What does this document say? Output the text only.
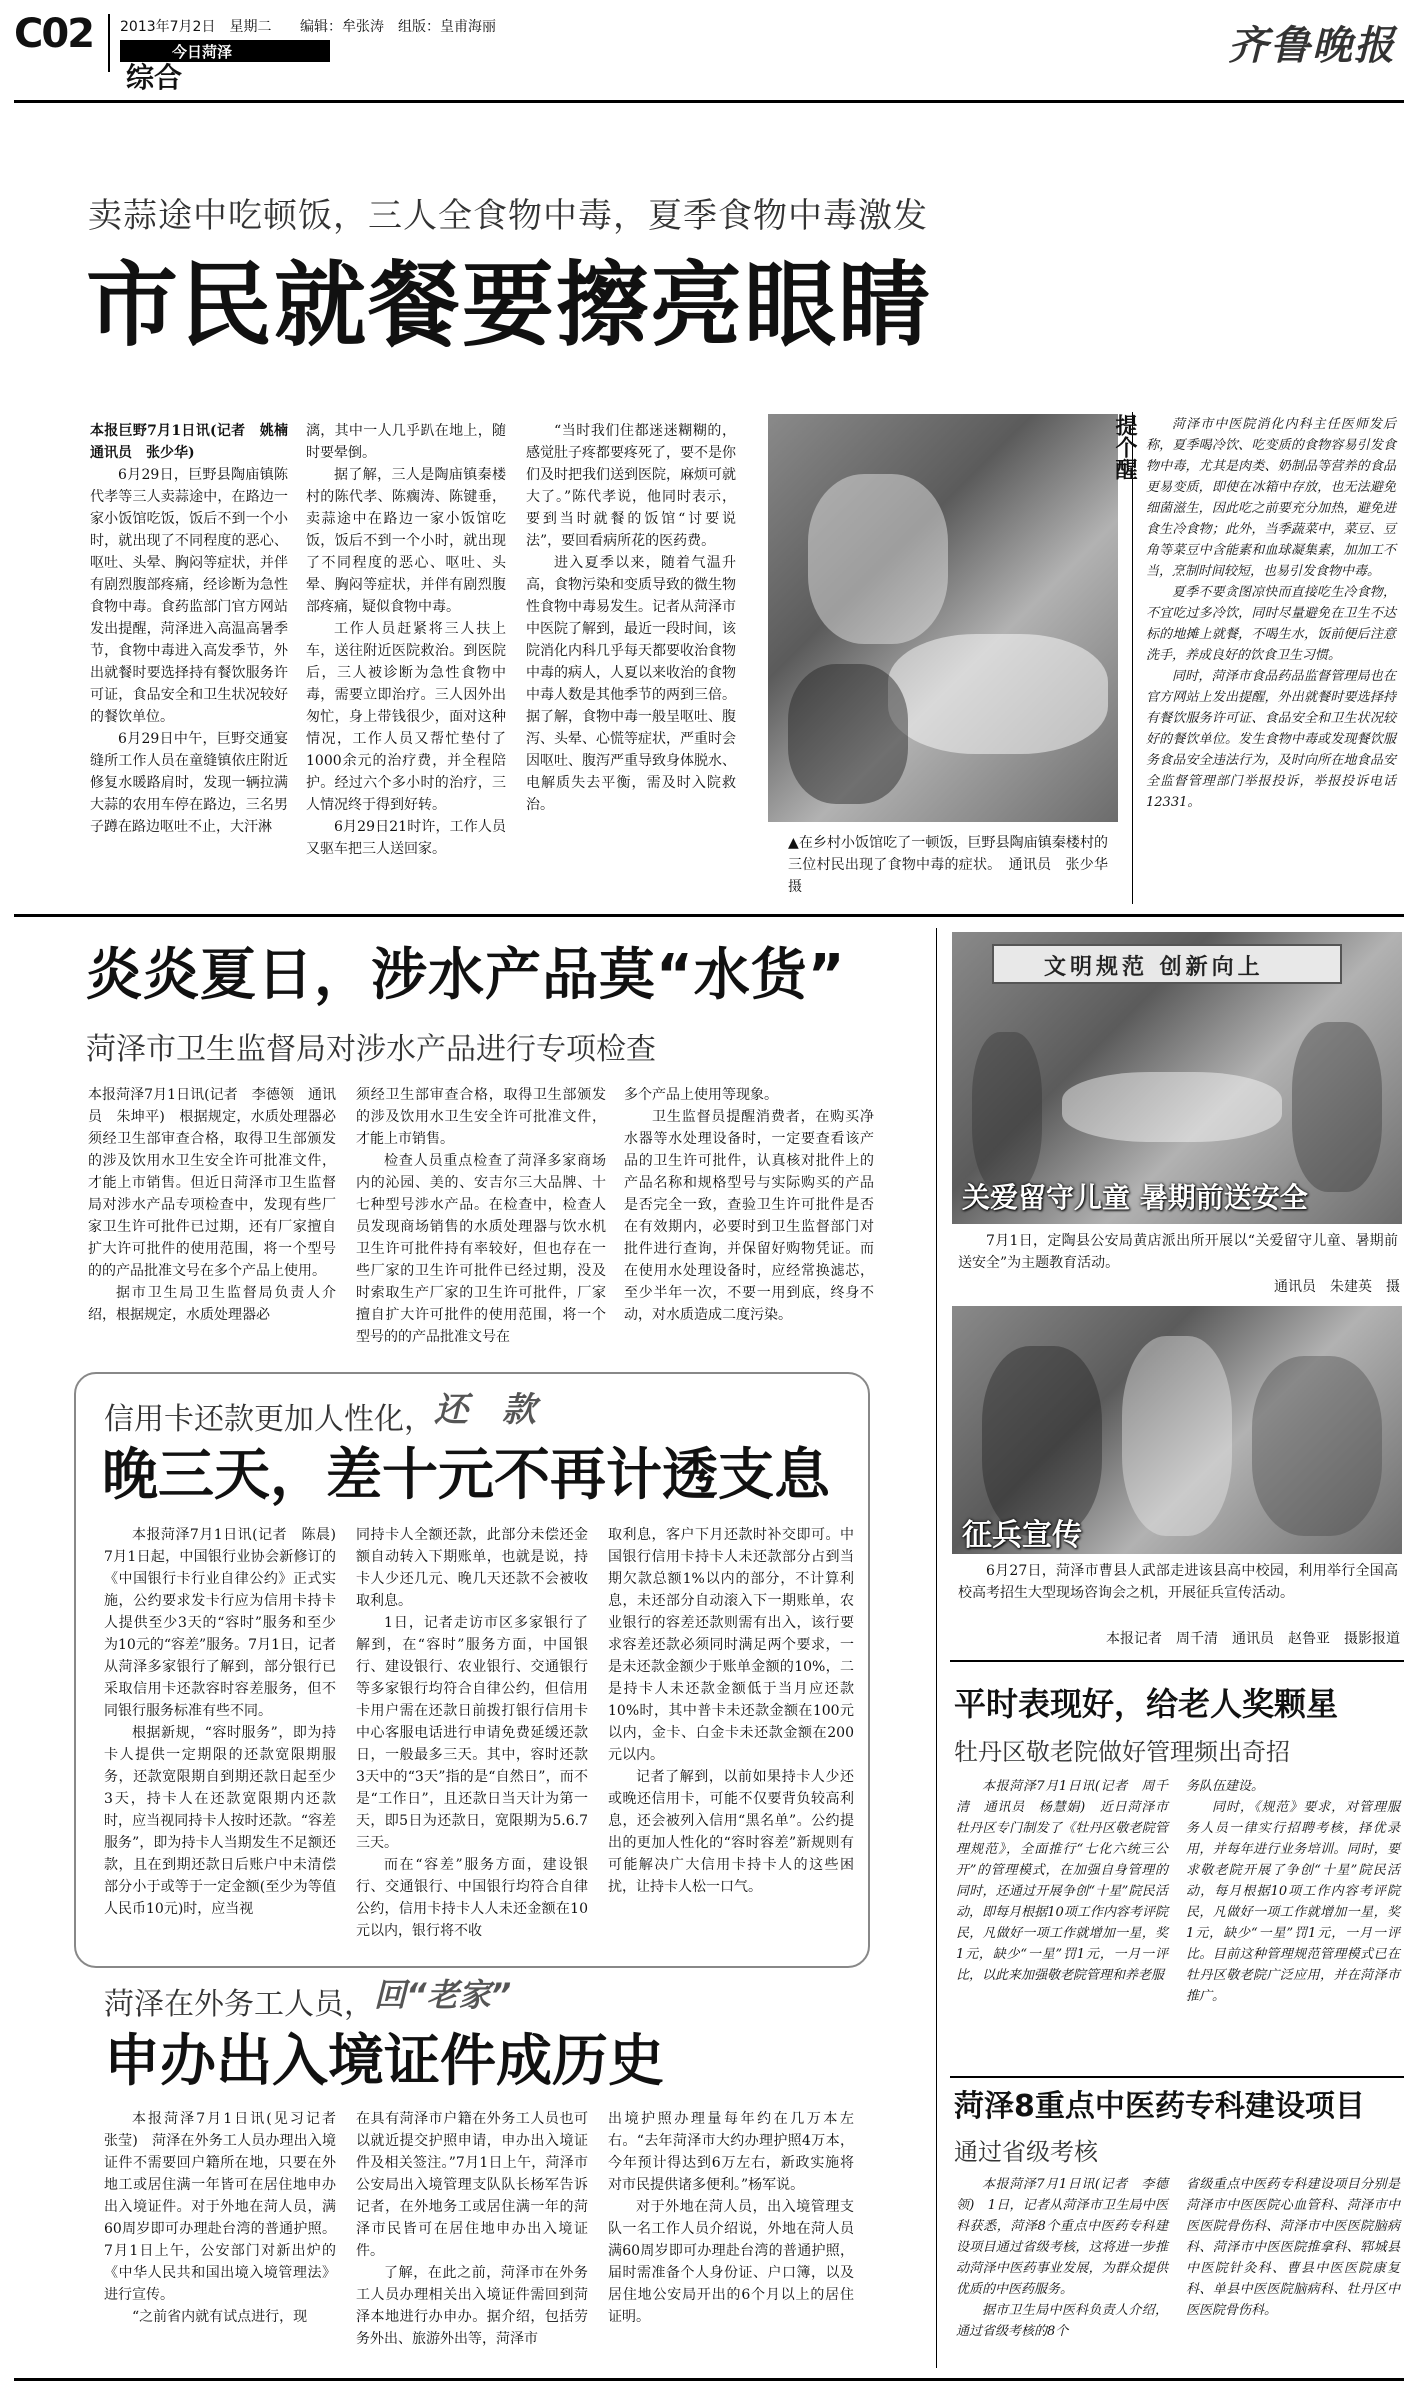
C02 2013年7月2日　星期二 编辑：牟张涛　组版：皇甫海丽
今日菏泽
综合
齐鲁晚报
卖蒜途中吃顿饭，三人全食物中毒，夏季食物中毒激发
市民就餐要擦亮眼睛

本报巨野7月1日讯(记者　姚楠　通讯员　张少华)

6月29日，巨野县陶庙镇陈代孝等三人卖蒜途中，在路边一家小饭馆吃饭，饭后不到一个小时，就出现了不同程度的恶心、呕吐、头晕、胸闷等症状，并伴有剧烈腹部疼痛，经诊断为急性食物中毒。食药监部门官方网站发出提醒，菏泽进入高温高暑季节，食物中毒进入高发季节，外出就餐时要选择持有餐饮服务许可证，食品安全和卫生状况较好的餐饮单位。

6月29日中午，巨野交通宴缝所工作人员在童缝镇依庄附近修复水暖路肩时，发现一辆拉满大蒜的农用车停在路边，三名男子蹲在路边呕吐不止，大汗淋

漓，其中一人几乎趴在地上，随时要晕倒。

据了解，三人是陶庙镇秦楼村的陈代孝、陈瘸涛、陈键垂，卖蒜途中在路边一家小饭馆吃饭，饭后不到一个小时，就出现了不同程度的恶心、呕吐、头晕、胸闷等症状，并伴有剧烈腹部疼痛，疑似食物中毒。

工作人员赶紧将三人扶上车，送往附近医院救治。到医院后，三人被诊断为急性食物中毒，需要立即治疗。三人因外出匆忙，身上带钱很少，面对这种情况，工作人员又帮忙垫付了1000余元的治疗费，并全程陪护。经过六个多小时的治疗，三人情况终于得到好转。

6月29日21时许，工作人员又驱车把三人送回家。

“当时我们住都迷迷糊糊的，感觉肚子疼都要疼死了，要不是你们及时把我们送到医院，麻烦可就大了。”陈代孝说，他同时表示，要到当时就餐的饭馆“讨要说法”，要回看病所花的医药费。

进入夏季以来，随着气温升高，食物污染和变质导致的微生物性食物中毒易发生。记者从菏泽市中医院了解到，最近一段时间，该院消化内科几乎每天都要收治食物中毒的病人，人夏以来收治的食物中毒人数是其他季节的两到三倍。据了解，食物中毒一般呈呕吐、腹泻、头晕、心慌等症状，严重时会因呕吐、腹泻严重导致身体脱水、电解质失去平衡，需及时入院救治。

▲在乡村小饭馆吃了一顿饭，巨野县陶庙镇秦楼村的三位村民出现了食物中毒的症状。　通讯员　张少华　摄
提个醒	菏泽市中医院消化内科主任医师发后称，夏季喝冷饮、吃变质的食物容易引发食物中毒，尤其是肉类、奶制品等营养的食品更易变质，即使在冰箱中存放，也无法避免细菌滋生，因此吃之前要充分加热，避免进食生冷食物；此外，当季蔬菜中，菜豆、豆角等菜豆中含能素和血球凝集素，加加工不当，烹制时间较短，也易引发食物中毒。

夏季不要贪图凉快而直接吃生冷食物，不宜吃过多冷饮，同时尽量避免在卫生不达标的地摊上就餐，不喝生水，饭前便后注意洗手，养成良好的饮食卫生习惯。

同时，菏泽市食品药品监督管理局也在官方网站上发出提醒，外出就餐时要选择持有餐饮服务许可证、食品安全和卫生状况较好的餐饮单位。发生食物中毒或发现餐饮服务食品安全违法行为，及时向所在地食品安全监督管理部门举报投诉，举报投诉电话12331。

炎炎夏日，涉水产品莫“水货”
菏泽市卫生监督局对涉水产品进行专项检查

本报菏泽7月1日讯(记者　李德领　通讯员　朱坤平)　根据规定，水质处理器必须经卫生部审查合格，取得卫生部颁发的涉及饮用水卫生安全许可批准文件，才能上市销售。但近日菏泽市卫生监督局对涉水产品专项检查中，发现有些厂家卫生许可批件已过期，还有厂家擅自扩大许可批件的使用范围，将一个型号的的产品批准文号在多个产品上使用。

据市卫生局卫生监督局负责人介绍，根据规定，水质处理器必

须经卫生部审查合格，取得卫生部颁发的涉及饮用水卫生安全许可批准文件，才能上市销售。

检查人员重点检查了菏泽多家商场内的沁园、美的、安吉尔三大品牌、十七种型号涉水产品。在检查中，检查人员发现商场销售的水质处理器与饮水机卫生许可批件持有率较好，但也存在一些厂家的卫生许可批件已经过期，没及时索取生产厂家的卫生许可批件，厂家擅自扩大许可批件的使用范围，将一个型号的的产品批准文号在

多个产品上使用等现象。

卫生监督员提醒消费者，在购买净水器等水处理设备时，一定要查看该产品的卫生许可批件，认真核对批件上的产品名称和规格型号与实际购买的产品是否完全一致，查验卫生许可批件是否在有效期内，必要时到卫生监督部门对批件进行查询，并保留好购物凭证。而在使用水处理设备时，应经常换滤芯，至少半年一次，不要一用到底，终身不动，对水质造成二度污染。

文明规范 创新向上
关爱留守儿童 暑期前送安全
7月1日，定陶县公安局黄店派出所开展以“关爱留守儿童、暑期前送安全”为主题教育活动。
通讯员　朱建英　摄
征兵宣传
6月27日，菏泽市曹县人武部走进该县高中校园，利用举行全国高校高考招生大型现场咨询会之机，开展征兵宣传活动。
本报记者　周千清　通讯员　赵鲁亚　摄影报道
信用卡还款更加人性化，还　款
晚三天，差十元不再计透支息

本报菏泽7月1日讯(记者　陈晨)　7月1日起，中国银行业协会新修订的《中国银行卡行业自律公约》正式实施，公约要求发卡行应为信用卡持卡人提供至少3天的“容时”服务和至少为10元的“容差”服务。7月1日，记者从菏泽多家银行了解到，部分银行已采取信用卡还款容时容差服务，但不同银行服务标准有些不同。

根据新规，“容时服务”，即为持卡人提供一定期限的还款宽限期服务，还款宽限期自到期还款日起至少3天，持卡人在还款宽限期内还款时，应当视同持卡人按时还款。“容差服务”，即为持卡人当期发生不足额还款，且在到期还款日后账户中未清偿部分小于或等于一定金额(至少为等值人民币10元)时，应当视

同持卡人全额还款，此部分未偿还金额自动转入下期账单，也就是说，持卡人少还几元、晚几天还款不会被收取利息。

1日，记者走访市区多家银行了解到，在“容时”服务方面，中国银行、建设银行、农业银行、交通银行等多家银行均符合自律公约，但信用卡用户需在还款日前拨打银行信用卡中心客服电话进行申请免费延缓还款日，一般最多三天。其中，容时还款3天中的“3天”指的是“自然日”，而不是“工作日”，且还款日当天计为第一天，即5日为还款日，宽限期为5.6.7三天。

而在“容差”服务方面，建设银行、交通银行、中国银行均符合自律公约，信用卡持卡人人未还金额在10元以内，银行将不收

取利息，客户下月还款时补交即可。中国银行信用卡持卡人未还款部分占到当期欠款总额1%以内的部分，不计算利息，未还部分自动滚入下一期账单，农业银行的容差还款则需有出入，该行要求容差还款必须同时满足两个要求，一是未还款金额少于账单金额的10%，二是持卡人未还款金额低于当月应还款10%时，其中普卡未还款金额在100元以内，金卡、白金卡未还款金额在200元以内。

记者了解到，以前如果持卡人少还或晚还信用卡，可能不仅要背负较高利息，还会被列入信用“黑名单”。公约提出的更加人性化的“容时容差”新规则有可能解决广大信用卡持卡人的这些困扰，让持卡人松一口气。

菏泽在外务工人员，回“老家”
申办出入境证件成历史

本报菏泽7月1日讯(见习记者　张莹)　菏泽在外务工人员办理出入境证件不需要回户籍所在地，只要在外地工或居住满一年皆可在居住地申办出入境证件。对于外地在菏人员，满60周岁即可办理赴台湾的普通护照。7月1日上午，公安部门对新出炉的《中华人民共和国出境入境管理法》进行宣传。

“之前省内就有试点进行，现

在具有菏泽市户籍在外务工人员也可以就近提交护照申请，申办出入境证件及相关签注。”7月1日上午，菏泽市公安局出入境管理支队队长杨军告诉记者，在外地务工或居住满一年的菏泽市民皆可在居住地申办出入境证件。

了解，在此之前，菏泽市在外务工人员办理相关出入境证件需回到菏泽本地进行办申办。据介绍，包括劳务外出、旅游外出等，菏泽市

出境护照办理量每年约在几万本左右。“去年菏泽市大约办理护照4万本，今年预计得达到6万左右，新政实施将对市民提供诸多便利。”杨军说。

对于外地在菏人员，出入境管理支队一名工作人员介绍说，外地在菏人员满60周岁即可办理赴台湾的普通护照，届时需准备个人身份证、户口簿，以及居住地公安局开出的6个月以上的居住证明。

平时表现好，给老人奖颗星
牡丹区敬老院做好管理频出奇招

本报菏泽7月1日讯(记者　周千清　通讯员　杨慧娟)　近日菏泽市牡丹区专门制发了《牡丹区敬老院管理规范》，全面推行“七化六统三公开”的管理模式，在加强自身管理的同时，还通过开展争创“十星”院民活动，即每月根据10项工作内容考评院民，凡做好一项工作就增加一星，奖1元，缺少“一星”罚1元，一月一评比，以此来加强敬老院管理和养老服

务队伍建设。

同时，《规范》要求，对管理服务人员一律实行招聘考核，择优录用，并每年进行业务培训。同时，要求敬老院开展了争创“十星”院民活动，每月根据10项工作内容考评院民，凡做好一项工作就增加一星，奖1元，缺少“一星”罚1元，一月一评比。目前这种管理规范管理模式已在牡丹区敬老院广泛应用，并在菏泽市推广。

菏泽8重点中医药专科建设项目
通过省级考核

本报菏泽7月1日讯(记者　李德领)　1日，记者从菏泽市卫生局中医科获悉，菏泽8个重点中医药专科建设项目通过省级考核，这将进一步推动菏泽中医药事业发展，为群众提供优质的中医药服务。

据市卫生局中医科负责人介绍，通过省级考核的8个

省级重点中医药专科建设项目分别是菏泽市中医医院心血管科、菏泽市中医医院骨伤科、菏泽市中医医院脑病科、菏泽市中医医院推拿科、郓城县中医院针灸科、曹县中医医院康复科、单县中医医院脑病科、牡丹区中医医院骨伤科。
